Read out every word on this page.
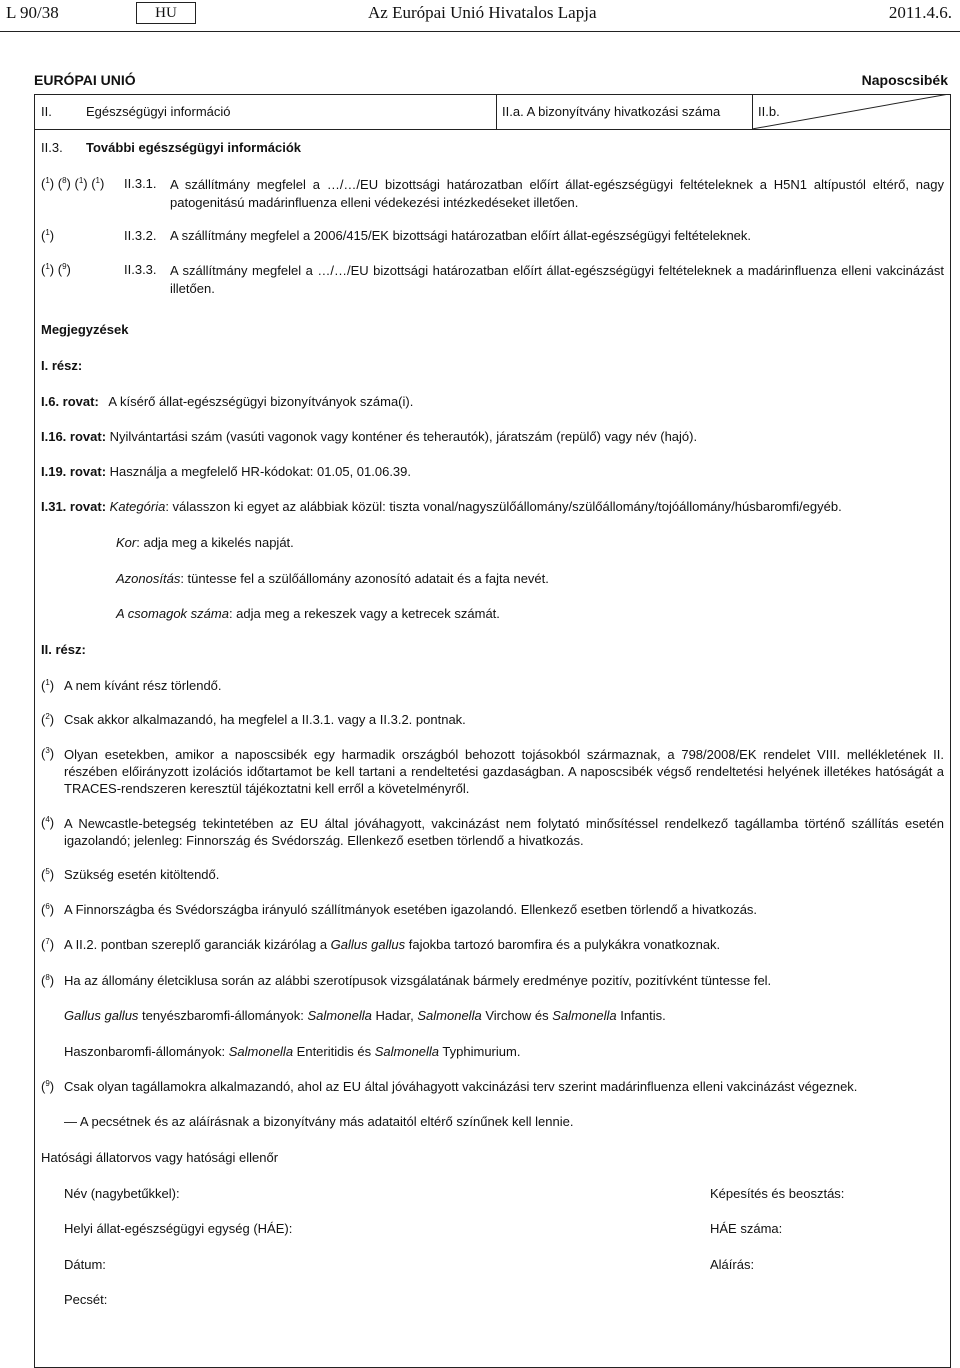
L 90/38	HU	Az Európai Unió Hivatalos Lapja	2011.4.6.
EURÓPAI UNIÓ	Naposcsibék
II.	Egészségügyi információ	II.a. A bizonyítvány hivatkozási száma	II.b.
II.3. További egészségügyi információk
($^1$) ($^8$) ($^1$) ($^1$) II.3.1. A szállítmány megfelel a …/…/EU bizottsági határozatban előírt állat-egészségügyi feltételeknek a H5N1 altípustól eltérő, nagy patogenitású madárinfluenza elleni védekezési intézkedéseket illetően.
($^1$)	II.3.2. A szállítmány megfelel a 2006/415/EK bizottsági határozatban előírt állat-egészségügyi feltételeknek.
($^1$) ($^9$)	II.3.3. A szállítmány megfelel a …/…/EU bizottsági határozatban előírt állat-egészségügyi feltételeknek a madárinfluenza elleni vakcinázást illetően.
Megjegyzések
I. rész:
I.6. rovat: A kísérő állat-egészségügyi bizonyítványok száma(i).
I.16. rovat: Nyilvántartási szám (vasúti vagonok vagy konténer és teherautók), járatszám (repülő) vagy név (hajó).
I.19. rovat: Használja a megfelelő HR-kódokat: 01.05, 01.06.39.
I.31. rovat: Kategória: válasszon ki egyet az alábbiak közül: tiszta vonal/nagyszülőállomány/szülőállomány/tojóállomány/húsbaromfi/egyéb.
Kor: adja meg a kikelés napját.
Azonosítás: tüntesse fel a szülőállomány azonosító adatait és a fajta nevét.
A csomagok száma: adja meg a rekeszek vagy a ketrecek számát.
II. rész:
($^1$) A nem kívánt rész törlendő.
($^2$) Csak akkor alkalmazandó, ha megfelel a II.3.1. vagy a II.3.2. pontnak.
($^3$) Olyan esetekben, amikor a naposcsibék egy harmadik országból behozott tojásokból származnak, a 798/2008/EK rendelet VIII. mellékletének II. részében előirányzott izolációs időtartamot be kell tartani a rendeltetési gazdaságban. A naposcsibék végső rendeltetési helyének illetékes hatóságát a TRACES-rendszeren keresztül tájékoztatni kell erről a követelményről.
($^4$) A Newcastle-betegség tekintetében az EU által jóváhagyott, vakcinázást nem folytató minősítéssel rendelkező tagállamba történő szállítás esetén igazolandó; jelenleg: Finnország és Svédország. Ellenkező esetben törlendő a hivatkozás.
($^5$) Szükség esetén kitöltendő.
($^6$) A Finnországba és Svédországba irányuló szállítmányok esetében igazolandó. Ellenkező esetben törlendő a hivatkozás.
($^7$) A II.2. pontban szereplő garanciák kizárólag a Gallus gallus fajokba tartozó baromfira és a pulykákra vonatkoznak.
($^8$) Ha az állomány életciklusa során az alábbi szerotípusok vizsgálatának bármely eredménye pozitív, pozitívként tüntesse fel.
Gallus gallus tenyészbaromfi-állományok: Salmonella Hadar, Salmonella Virchow és Salmonella Infantis.
Haszonbaromfi-állományok: Salmonella Enteritidis és Salmonella Typhimurium.
($^9$) Csak olyan tagállamokra alkalmazandó, ahol az EU által jóváhagyott vakcinázási terv szerint madárinfluenza elleni vakcinázást végeznek.
— A pecsétnek és az aláírásnak a bizonyítvány más adataitól eltérő színűnek kell lennie.
Hatósági állatorvos vagy hatósági ellenőr
Név (nagybetűkkel):	Képesítés és beosztás:
Helyi állat-egészségügyi egység (HÁE):	HÁE száma:
Dátum:	Aláírás:
Pecsét:
